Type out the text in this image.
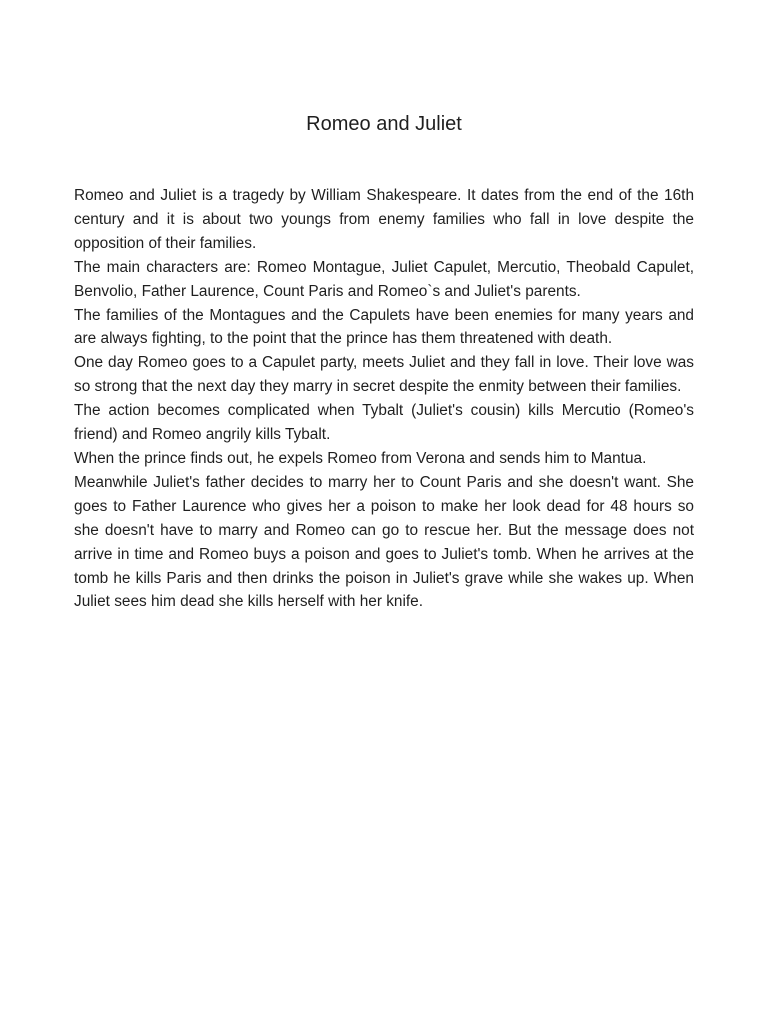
Romeo and Juliet

Romeo and Juliet is a tragedy by William Shakespeare. It dates from the end of the 16th century and it is about two youngs from enemy families who fall in love despite the opposition of their families.

The main characters are: Romeo Montague, Juliet Capulet, Mercutio, Theobald Capulet, Benvolio, Father Laurence, Count Paris and Romeo`s and Juliet's parents.

The families of the Montagues and the Capulets have been enemies for many years and are always fighting, to the point that the prince has them threatened with death.

One day Romeo goes to a Capulet party, meets Juliet and they fall in love. Their love was so strong that the next day they marry in secret despite the enmity between their families.

The action becomes complicated when Tybalt (Juliet's cousin) kills Mercutio (Romeo's friend) and Romeo angrily kills Tybalt.

When the prince finds out, he expels Romeo from Verona and sends him to Mantua.

Meanwhile Juliet's father decides to marry her to Count Paris and she doesn't want. She goes to Father Laurence who gives her a poison to make her look dead for 48 hours so she doesn't have to marry and Romeo can go to rescue her. But the message does not arrive in time and Romeo buys a poison and goes to Juliet's tomb. When he arrives at the tomb he kills Paris and then drinks the poison in Juliet's grave while she wakes up. When Juliet sees him dead she kills herself with her knife.
